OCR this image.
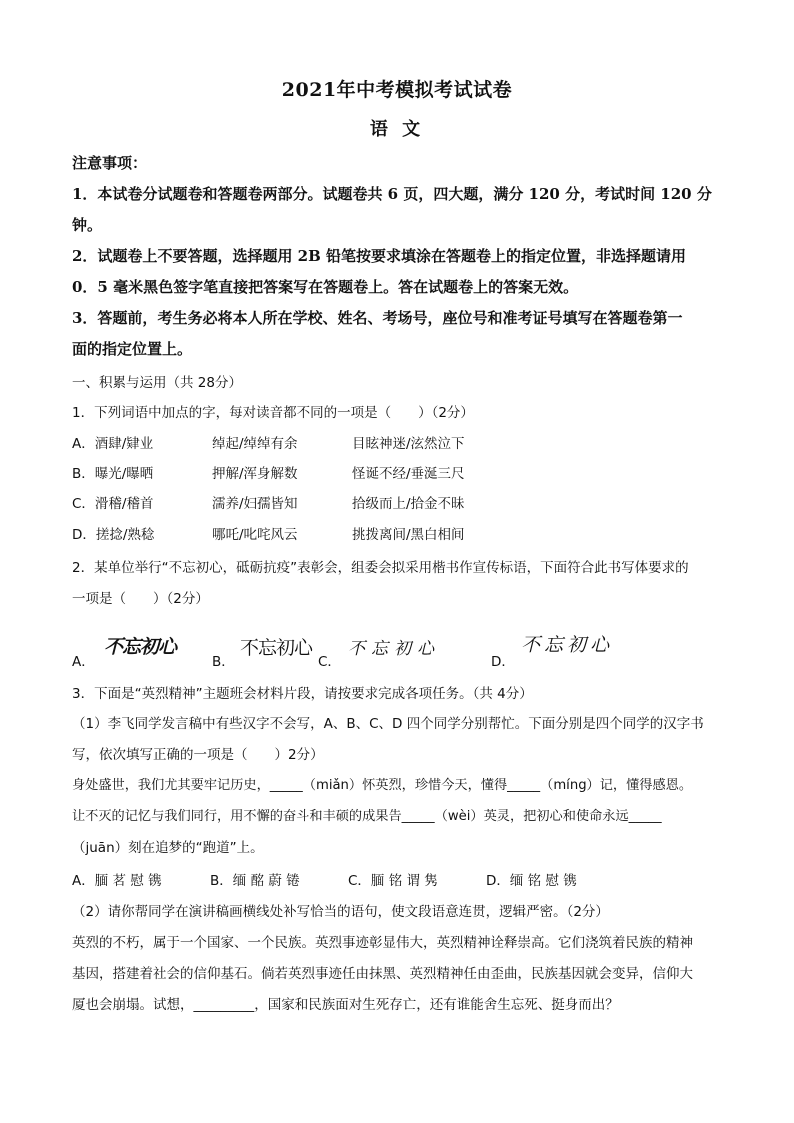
2021年中考模拟考试试卷
语 文
注意事项：
1．本试卷分试题卷和答题卷两部分。试题卷共 6 页，四大题，满分 120 分，考试时间 120 分
钟。
2．试题卷上不要答题，选择题用 2B 铅笔按要求填涂在答题卷上的指定位置，非选择题请用
0．5 毫米黑色签字笔直接把答案写在答题卷上。答在试题卷上的答案无效。
3．答题前，考生务必将本人所在学校、姓名、考场号，座位号和准考证号填写在答题卷第一
面的指定位置上。
一、积累与运用（共 28分）
1．下列词语中加点的字，每对读音都不同的一项是（　　）（2分）
A．酒肆/肄业	绰起/绰绰有余	目眩神迷/泫然泣下
B．曝光/曝晒	押解/浑身解数	怪诞不经/垂涎三尺
C．滑稽/稽首	濡养/妇孺皆知	拾级而上/拾金不昧
D．搓捻/熟稔	哪吒/叱咤风云	挑拨离间/黑白相间
2．某单位举行“不忘初心，砥砺抗疫”表彰会，组委会拟采用楷书作宣传标语，下面符合此书写体要求的
一项是（　　）（2分）
A．
不忘初心
B．
不忘初心
C．
不忘初心
D．
不忘初心
3．下面是“英烈精神”主题班会材料片段，请按要求完成各项任务。（共 4分）
（1）李飞同学发言稿中有些汉字不会写，A、B、C、D 四个同学分别帮忙。下面分别是四个同学的汉字书
写，依次填写正确的一项是（　　）2分）
身处盛世，我们尤其要牢记历史，_____（miǎn）怀英烈，珍惜今天，懂得_____（míng）记，懂得感恩。
让不灭的记忆与我们同行，用不懈的奋斗和丰硕的成果告_____（wèi）英灵，把初心和使命永远_____
（juān）刻在追梦的“跑道”上。
A．腼 茗 慰 镌	B．缅 酩 蔚 锩	C．腼 铭 谓 隽	D．缅 铭 慰 镌
（2）请你帮同学在演讲稿画横线处补写恰当的语句，使文段语意连贯，逻辑严密。（2分）
英烈的不朽，属于一个国家、一个民族。英烈事迹彰显伟大，英烈精神诠释崇高。它们浇筑着民族的精神
基因，搭建着社会的信仰基石。倘若英烈事迹任由抹黑、英烈精神任由歪曲，民族基因就会变异，信仰大
厦也会崩塌。试想，_________，国家和民族面对生死存亡，还有谁能舍生忘死、挺身而出？
